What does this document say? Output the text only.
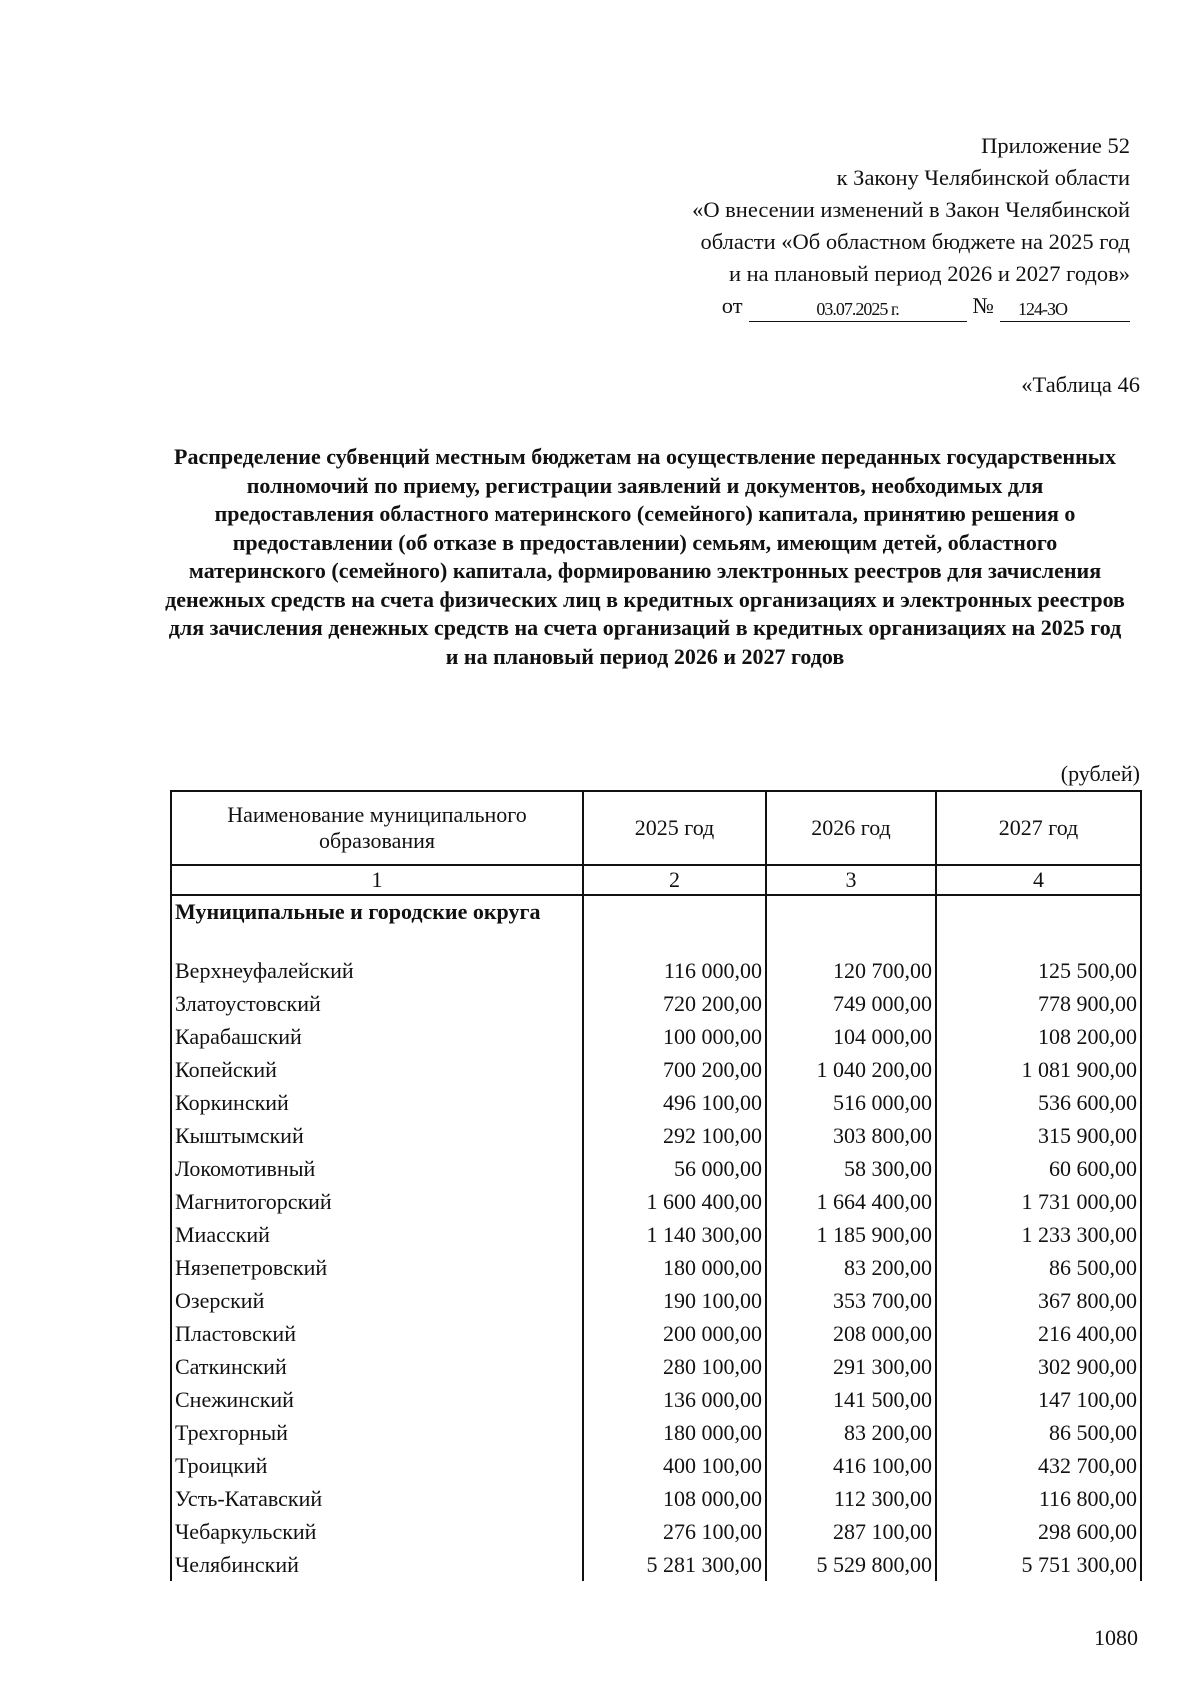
Приложение 52
к Закону Челябинской области
«О внесении изменений в Закон Челябинской
области «Об областном бюджете на 2025 год
и на плановый период 2026 и 2027 годов»
от	03.07.2025 г.	№	124-ЗО
«Таблица 46
Распределение субвенций местным бюджетам на осуществление переданных государственных полномочий по приему, регистрации заявлений и документов, необходимых для предоставления областного материнского (семейного) капитала, принятию решения о предоставлении (об отказе в предоставлении) семьям, имеющим детей, областного материнского (семейного) капитала, формированию электронных реестров для зачисления денежных средств на счета физических лиц в кредитных организациях и электронных реестров для зачисления денежных средств на счета организаций в кредитных организациях на 2025 год и на плановый период 2026 и 2027 годов
(рублей)
Наименование муниципального образования	2025 год	2026 год	2027 год
1	2	3	4
Муниципальные и городские округа			
Верхнеуфалейский	116 000,00	120 700,00	125 500,00
Златоустовский	720 200,00	749 000,00	778 900,00
Карабашский	100 000,00	104 000,00	108 200,00
Копейский	700 200,00	1 040 200,00	1 081 900,00
Коркинский	496 100,00	516 000,00	536 600,00
Кыштымский	292 100,00	303 800,00	315 900,00
Локомотивный	56 000,00	58 300,00	60 600,00
Магнитогорский	1 600 400,00	1 664 400,00	1 731 000,00
Миасский	1 140 300,00	1 185 900,00	1 233 300,00
Нязепетровский	180 000,00	83 200,00	86 500,00
Озерский	190 100,00	353 700,00	367 800,00
Пластовский	200 000,00	208 000,00	216 400,00
Саткинский	280 100,00	291 300,00	302 900,00
Снежинский	136 000,00	141 500,00	147 100,00
Трехгорный	180 000,00	83 200,00	86 500,00
Троицкий	400 100,00	416 100,00	432 700,00
Усть-Катавский	108 000,00	112 300,00	116 800,00
Чебаркульский	276 100,00	287 100,00	298 600,00
Челябинский	5 281 300,00	5 529 800,00	5 751 300,00
1080
